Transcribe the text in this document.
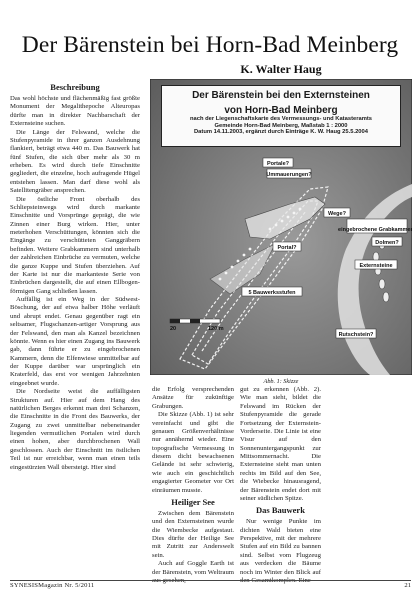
Der Bärenstein bei Horn-Bad Meinberg
K. Walter Haug
Beschreibung

Das wohl höchste und flächenmäßig fast größte Monument der Megalithepoche Alteuropas dürfte man in direkter Nachbarschaft der Externsteine suchen.

Die Länge der Felswand, welche die Stufenpyramide in ihrer ganzen Ausdehnung flankiert, beträgt etwa 440 m. Das Bauwerk hat fünf Stufen, die sich über mehr als 30 m erheben. Es wird durch tiefe Einschnitte gegliedert, die einzelne, hoch aufragende Hügel entstehen lassen. Man darf diese wohl als Satellitengräber ansprechen.

Die östliche Front oberhalb des Schliepsteinwegs wird durch markante Einschnitte und Vorsprünge geprägt, die wie Zinnen einer Burg wirken. Hier, unter meterhohen Verschüttungen, könnten sich die Eingänge zu verschütteten Ganggräbern befinden. Weitere Grabkammern sind unterhalb der zahlreichen Einbrüche zu vermuten, welche die ganze Kuppe und Stufen überziehen. Auf der Karte ist nur die markanteste Serie von Einbrüchen dargestellt, die auf einen Ellbogen-förmigen Gang schließen lassen.

Auffällig ist ein Weg in der Südwest-Böschung, der auf etwa halber Höhe verläuft und abrupt endet. Genau gegenüber ragt ein seltsamer, Flugschanzen-artiger Vorsprung aus der Felswand, den man als Kanzel bezeichnen könnte. Wenn es hier einen Zugang ins Bauwerk gab, dann führte er zu eingebrochenen Kammern, denn die Elfenwiese unmittelbar auf der Kuppe darüber war ursprünglich ein Kraterfeld, das erst vor wenigen Jahrzehnten eingeebnet wurde.

Die Nordseite weist die auffälligsten Strukturen auf. Hier auf dem Hang des natürlichen Berges erkennt man drei Schanzen, die Einschnitte in die Front des Bauwerks, der Zugang zu zwei unmittelbar nebeneinander liegenden vermutlichen Portalen wird durch einen hohen, aber durchbrochenen Wall geschlossen. Auch der Einschnitt im östlichen Teil ist nur erreichbar, wenn man einen teils eingestürzten Wall übersteigt. Hier sind

Portale?
Ummauerungen?
Wege?
eingebrochene Grabkammer?
Portal?
Dolmen?
Externsteine
5 Bauwerksstufen
Rutschstein?
20	120 m
Der Bärenstein bei den Externsteinen
von Horn-Bad Meinberg
nach der Liegenschaftskarte des Vermessungs- und Katasteramts
Gemeinde Horn-Bad Meinberg, Maßstab 1 : 2000
Datum 14.11.2003, ergänzt durch Einträge K. W. Haug 25.5.2004
Abb. 1: Skizze

die Erfolg versprechenden Ansätze für zukünftige Grabungen.

Die Skizze (Abb. 1) ist sehr vereinfacht und gibt die genauen Größenverhältnisse nur annähernd wieder. Eine topografische Vermessung in diesem dicht bewachsenen Gelände ist sehr schwierig, wie auch ein geschichtlich engagierter Geometer vor Ort einräumen musste.

Heiliger See

Zwischen dem Bärenstein und den Externsteinen wurde die Wiembecke aufgestaut. Dies dürfte der Heilige See mit Zutritt zur Anderswelt sein.

Auch auf Goggle Earth ist der Bärenstein, vom Weltraum aus gesehen,

gut zu erkennen (Abb. 2). Wie man sieht, bildet die Felswand im Rücken der Stufenpyramide die gerade Fortsetzung der Externstein-Vorderseite. Die Linie ist eine Visur auf den Sonnenuntergangspunkt zur Mittsommernacht. Die Externsteine sieht man unten rechts im Bild auf den See, die Wiebecke hinausragend, der Bärenstein endet dort mit seiner südlichen Spitze.

Das Bauwerk

Nur wenige Punkte im dichten Wald bieten eine Perspektive, mit der mehrere Stufen auf ein Bild zu bannen sind. Selbst vom Flugzeug aus verdecken die Bäume noch im Winter den Blick auf den Gesamtkomplex. Eine

SYNESISMagazin Nr. 5/2011	21
